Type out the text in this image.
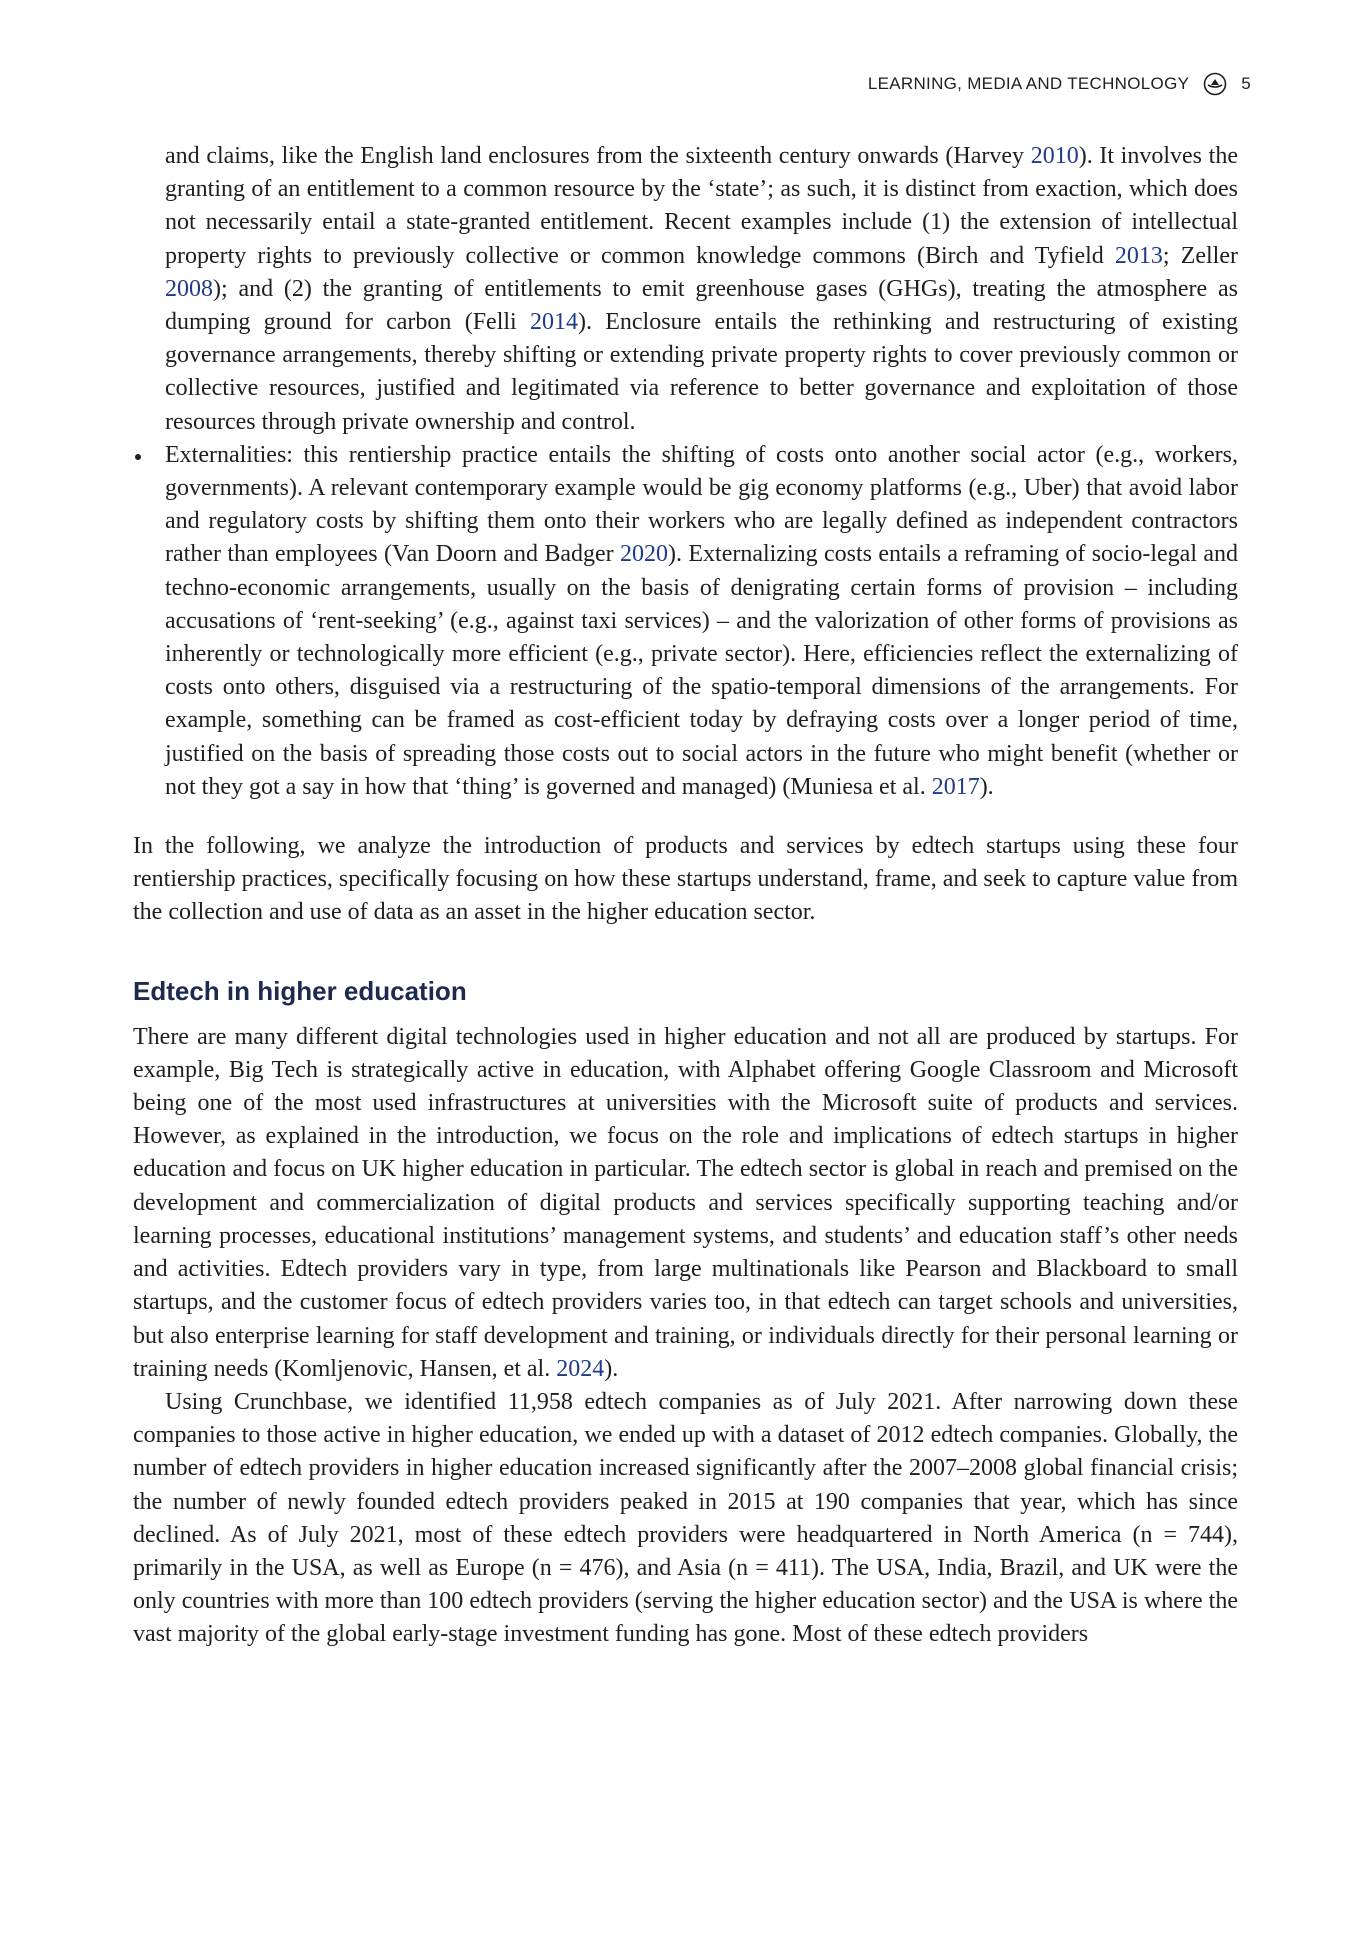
LEARNING, MEDIA AND TECHNOLOGY	5
and claims, like the English land enclosures from the sixteenth century onwards (Harvey 2010). It involves the granting of an entitlement to a common resource by the ‘state’; as such, it is distinct from exaction, which does not necessarily entail a state-granted entitlement. Recent examples include (1) the extension of intellectual property rights to previously collective or common knowledge commons (Birch and Tyfield 2013; Zeller 2008); and (2) the granting of entitlements to emit greenhouse gases (GHGs), treating the atmosphere as dumping ground for carbon (Felli 2014). Enclosure entails the rethinking and restructuring of existing governance arrangements, thereby shifting or extending private property rights to cover previously common or collective resources, justified and legitimated via reference to better governance and exploitation of those resources through private ownership and control.
Externalities: this rentiership practice entails the shifting of costs onto another social actor (e.g., workers, governments). A relevant contemporary example would be gig economy platforms (e.g., Uber) that avoid labor and regulatory costs by shifting them onto their workers who are legally defined as independent contractors rather than employees (Van Doorn and Badger 2020). Externalizing costs entails a reframing of socio-legal and techno-economic arrangements, usually on the basis of denigrating certain forms of provision – including accusations of ‘rent-seeking’ (e.g., against taxi services) – and the valorization of other forms of provisions as inherently or technologically more efficient (e.g., private sector). Here, efficiencies reflect the externalizing of costs onto others, disguised via a restructuring of the spatio-temporal dimensions of the arrangements. For example, something can be framed as cost-efficient today by defraying costs over a longer period of time, justified on the basis of spreading those costs out to social actors in the future who might benefit (whether or not they got a say in how that ‘thing’ is governed and managed) (Muniesa et al. 2017).

In the following, we analyze the introduction of products and services by edtech startups using these four rentiership practices, specifically focusing on how these startups understand, frame, and seek to capture value from the collection and use of data as an asset in the higher education sector.

Edtech in higher education

There are many different digital technologies used in higher education and not all are produced by startups. For example, Big Tech is strategically active in education, with Alphabet offering Google Classroom and Microsoft being one of the most used infrastructures at universities with the Microsoft suite of products and services. However, as explained in the introduction, we focus on the role and implications of edtech startups in higher education and focus on UK higher education in particular. The edtech sector is global in reach and premised on the development and commercialization of digital products and services specifically supporting teaching and/or learning processes, educational institutions’ management systems, and students’ and education staff’s other needs and activities. Edtech providers vary in type, from large multinationals like Pearson and Blackboard to small startups, and the customer focus of edtech providers varies too, in that edtech can target schools and universities, but also enterprise learning for staff development and training, or individuals directly for their personal learning or training needs (Komljenovic, Hansen, et al. 2024).

Using Crunchbase, we identified 11,958 edtech companies as of July 2021. After narrowing down these companies to those active in higher education, we ended up with a dataset of 2012 edtech companies. Globally, the number of edtech providers in higher education increased significantly after the 2007–2008 global financial crisis; the number of newly founded edtech providers peaked in 2015 at 190 companies that year, which has since declined. As of July 2021, most of these edtech providers were headquartered in North America (n = 744), primarily in the USA, as well as Europe (n = 476), and Asia (n = 411). The USA, India, Brazil, and UK were the only countries with more than 100 edtech providers (serving the higher education sector) and the USA is where the vast majority of the global early-stage investment funding has gone. Most of these edtech providers
